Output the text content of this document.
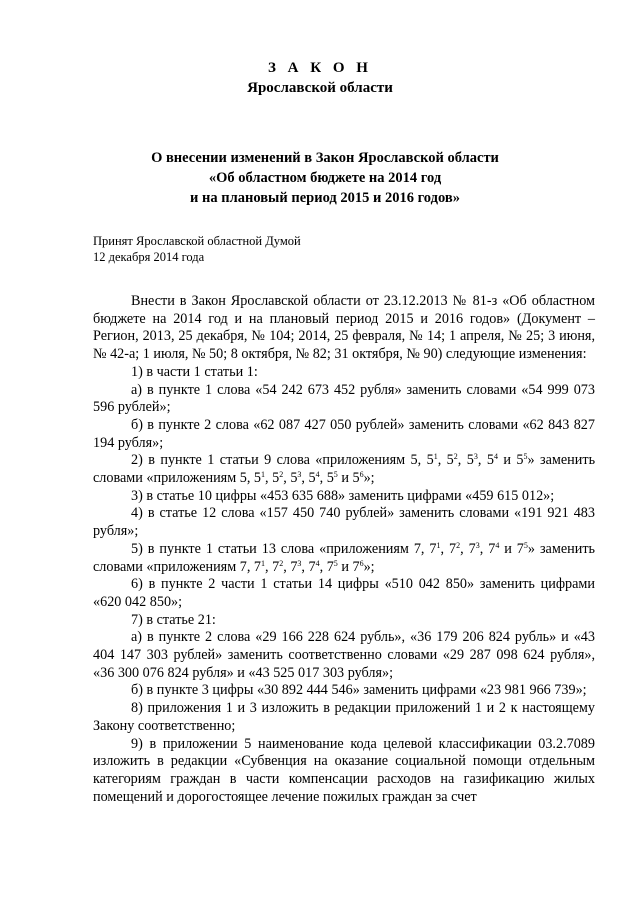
З А К О Н
Ярославской области
О внесении изменений в Закон Ярославской области
«Об областном бюджете на 2014 год
и на плановый период 2015 и 2016 годов»
Принят Ярославской областной Думой
12 декабря 2014 года

Внести в Закон Ярославской области от 23.12.2013 № 81-з «Об областном бюджете на 2014 год и на плановый период 2015 и 2016 годов» (Документ – Регион, 2013, 25 декабря, № 104; 2014, 25 февраля, № 14; 1 апреля, № 25; 3 июня, № 42-а; 1 июля, № 50; 8 октября, № 82; 31 октября, № 90) следующие изменения:

1) в части 1 статьи 1:

а) в пункте 1 слова «54 242 673 452 рубля» заменить словами «54 999 073 596 рублей»;

б) в пункте 2 слова «62 087 427 050 рублей» заменить словами «62 843 827 194 рубля»;

2) в пункте 1 статьи 9 слова «приложениям 5, $5^1$, $5^2$, $5^3$, $5^4$ и $5^5$» заменить словами «приложениям 5, $5^1$, $5^2$, $5^3$, $5^4$, $5^5$ и $5^6$»;

3) в статье 10 цифры «453 635 688» заменить цифрами «459 615 012»;

4) в статье 12 слова «157 450 740 рублей» заменить словами «191 921 483 рубля»;

5) в пункте 1 статьи 13 слова «приложениям 7, $7^1$, $7^2$, $7^3$, $7^4$ и $7^5$» заменить словами «приложениям 7, $7^1$, $7^2$, $7^3$, $7^4$, $7^5$ и $7^6$»;

6) в пункте 2 части 1 статьи 14 цифры «510 042 850» заменить цифрами «620 042 850»;

7) в статье 21:

а) в пункте 2 слова «29 166 228 624 рубль», «36 179 206 824 рубль» и «43 404 147 303 рублей» заменить соответственно словами «29 287 098 624 рубля», «36 300 076 824 рубля» и «43 525 017 303 рубля»;

б) в пункте 3 цифры «30 892 444 546» заменить цифрами «23 981 966 739»;

8) приложения 1 и 3 изложить в редакции приложений 1 и 2 к настоящему Закону соответственно;

9) в приложении 5 наименование кода целевой классификации 03.2.7089 изложить в редакции «Субвенция на оказание социальной помощи отдельным категориям граждан в части компенсации расходов на газификацию жилых помещений и дорогостоящее лечение пожилых граждан за счет
